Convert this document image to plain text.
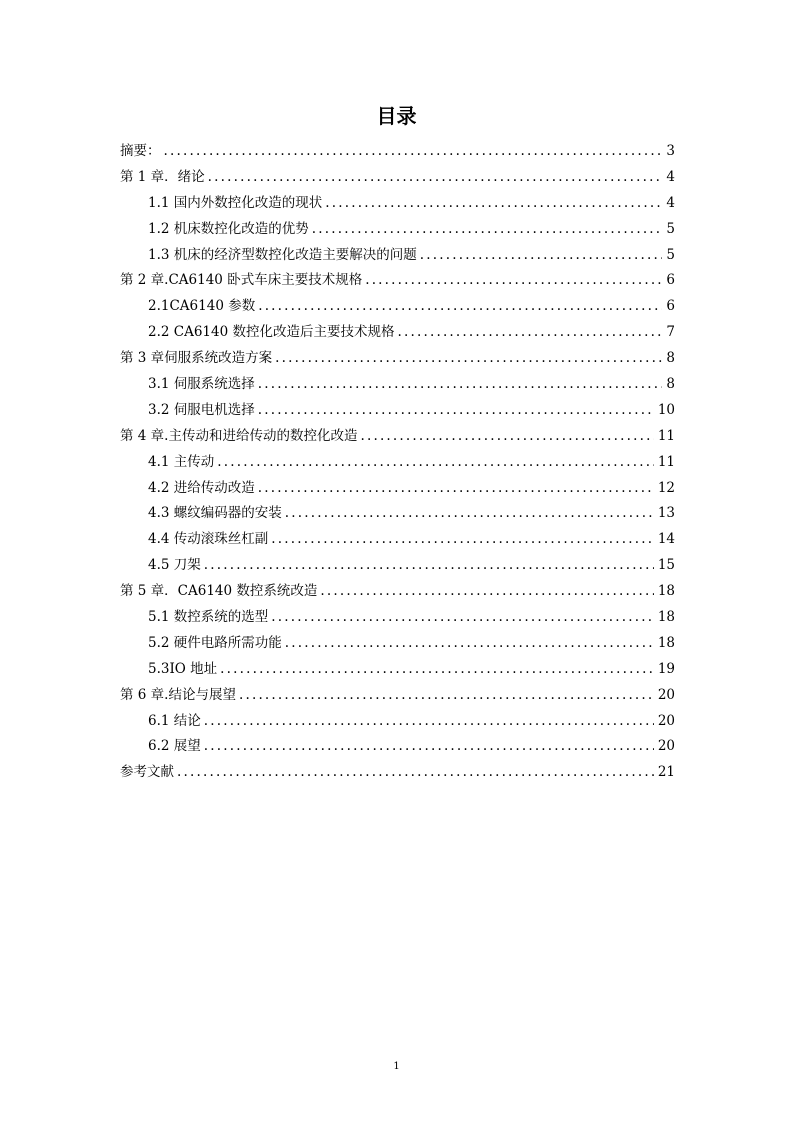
目录
摘要： .....	3
第 1 章．绪论 .....	4
1.1 国内外数控化改造的现状 .....	4
1.2 机床数控化改造的优势 .....	5
1.3 机床的经济型数控化改造主要解决的问题 .....	5
第 2 章.CA6140 卧式车床主要技术规格 .....	6
2.1CA6140 参数 .....	6
2.2 CA6140 数控化改造后主要技术规格 .....	7
第 3 章伺服系统改造方案 .....	8
3.1 伺服系统选择 .....	8
3.2 伺服电机选择 .....	10
第 4 章.主传动和进给传动的数控化改造 .....	11
4.1 主传动 .....	11
4.2 进给传动改造 .....	12
4.3 螺纹编码器的安装 .....	13
4.4 传动滚珠丝杠副 .....	14
4.5 刀架 .....	15
第 5 章．CA6140 数控系统改造 .....	18
5.1 数控系统的选型 .....	18
5.2 硬件电路所需功能 .....	18
5.3IO 地址 .....	19
第 6 章.结论与展望 .....	20
6.1 结论 .....	20
6.2 展望 .....	20
参考文献 .....	21
1
